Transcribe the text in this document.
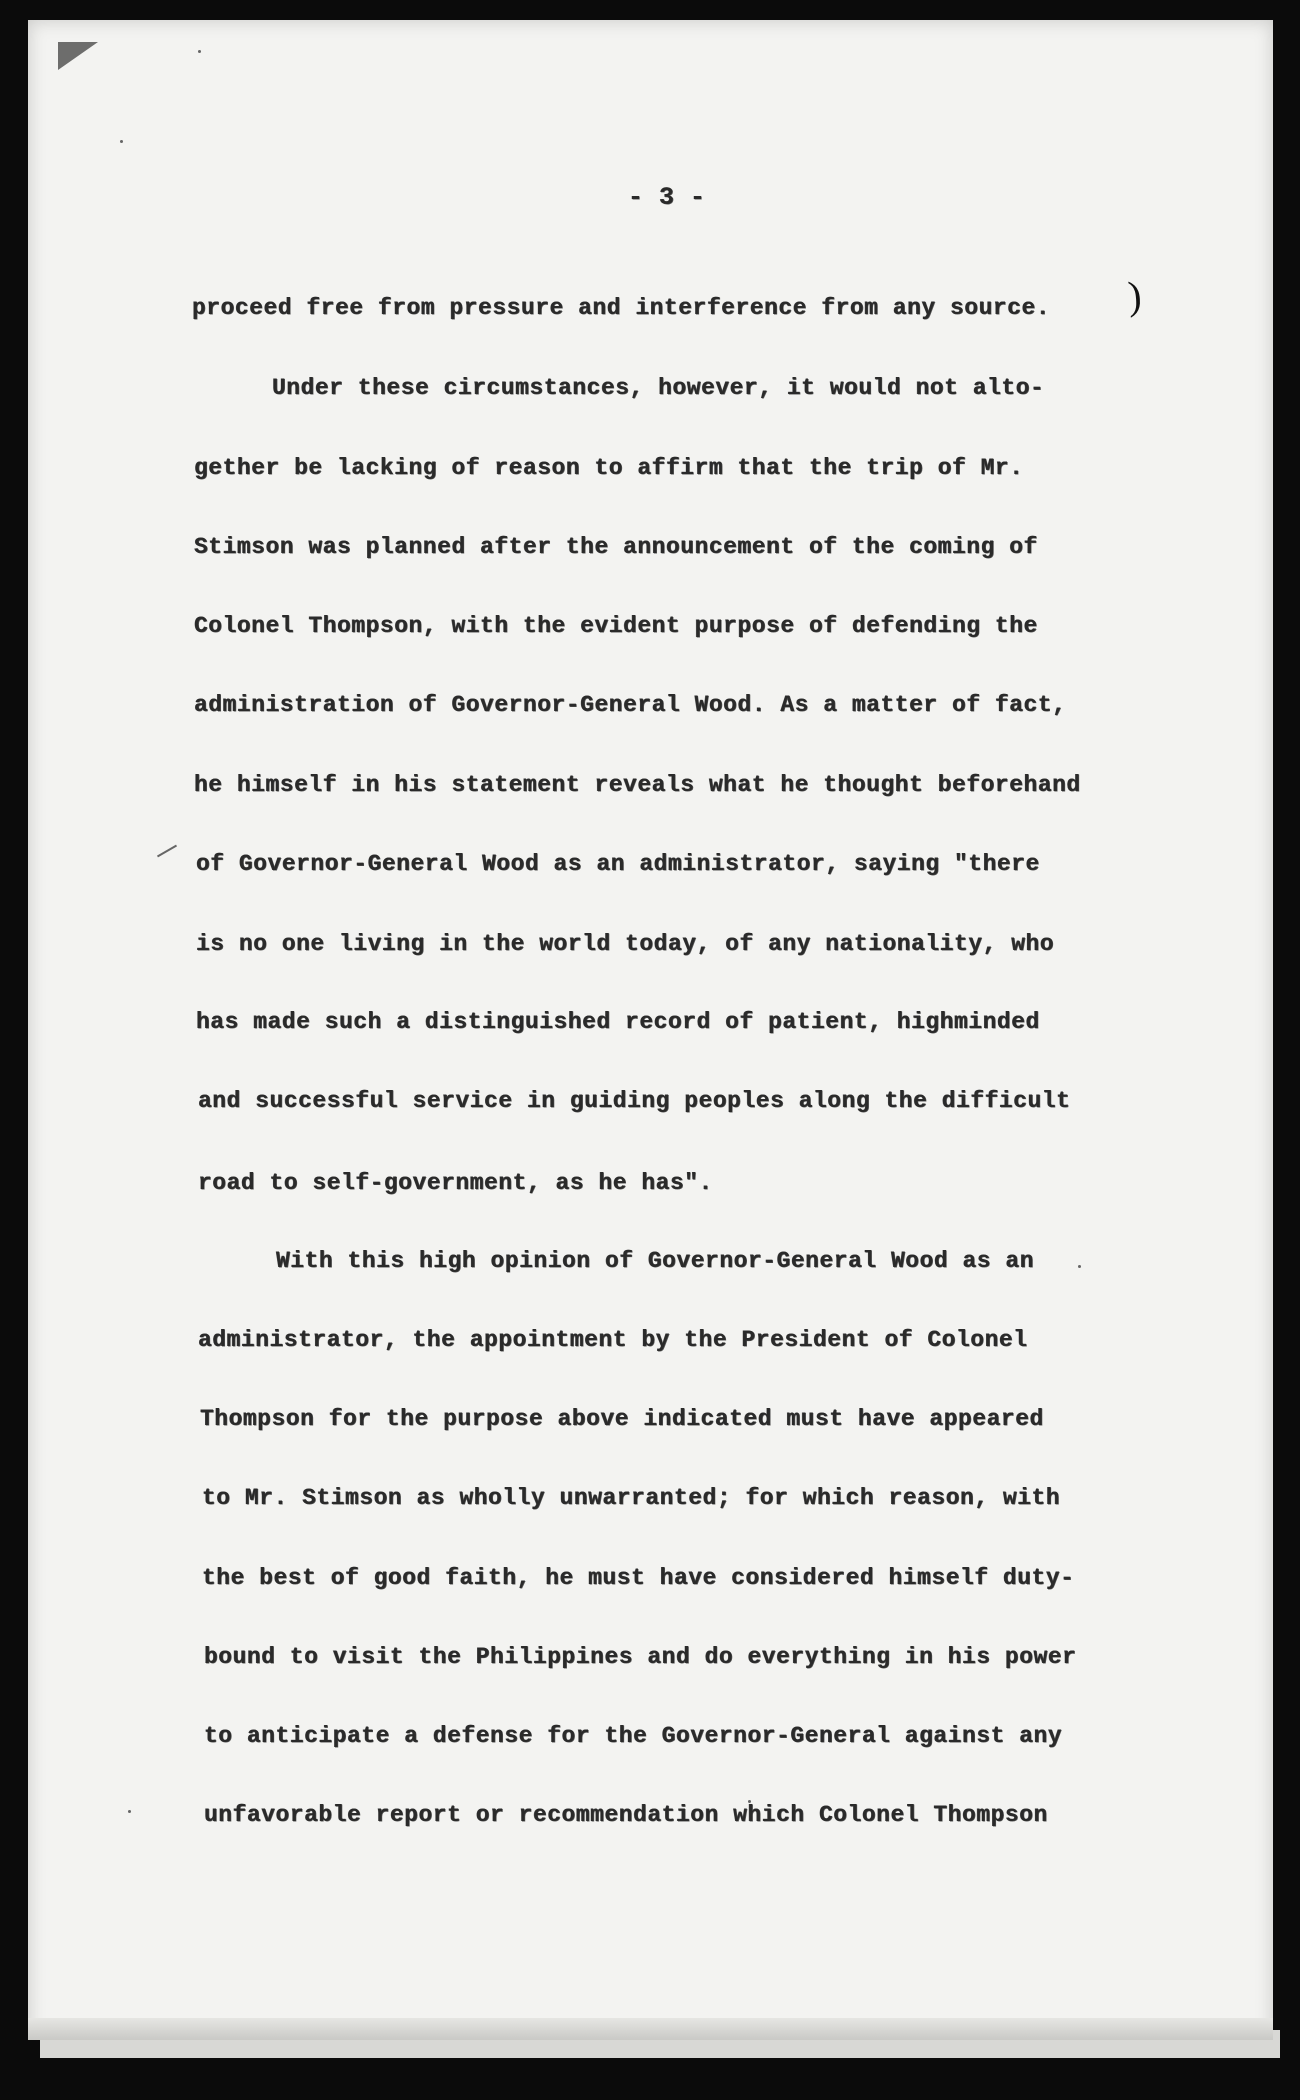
- 3 -
proceed free from pressure and interference from any source. )
Under these circumstances, however, it would not alto-
gether be lacking of reason to affirm that the trip of Mr.
Stimson was planned after the announcement of the coming of
Colonel Thompson, with the evident purpose of defending the
administration of Governor-General Wood. As a matter of fact,
he himself in his statement reveals what he thought beforehand
of Governor-General Wood as an administrator, saying "there
is no one living in the world today, of any nationality, who
has made such a distinguished record of patient, highminded
and successful service in guiding peoples along the difficult
road to self-government, as he has".
With this high opinion of Governor-General Wood as an
administrator, the appointment by the President of Colonel
Thompson for the purpose above indicated must have appeared
to Mr. Stimson as wholly unwarranted; for which reason, with
the best of good faith, he must have considered himself duty-
bound to visit the Philippines and do everything in his power
to anticipate a defense for the Governor-General against any
unfavorable report or recommendation which Colonel Thompson
